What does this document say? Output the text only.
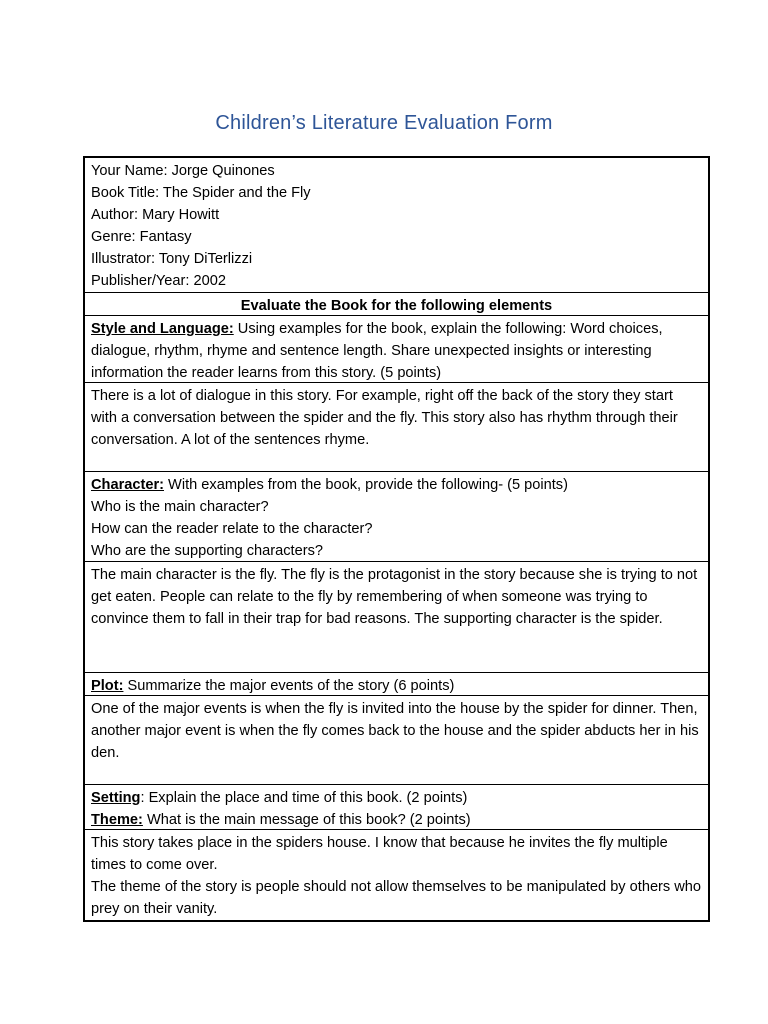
Children’s Literature Evaluation Form
Your Name: Jorge Quinones
Book Title: The Spider and the Fly
Author: Mary Howitt
Genre: Fantasy
Illustrator: Tony DiTerlizzi
Publisher/Year: 2002
Evaluate the Book for the following elements
Style and Language: Using examples for the book, explain the following: Word choices, dialogue, rhythm, rhyme and sentence length. Share unexpected insights or interesting information the reader learns from this story. (5 points)
There is a lot of dialogue in this story. For example, right off the back of the story they start with a conversation between the spider and the fly. This story also has rhythm through their conversation. A lot of the sentences rhyme.
Character: With examples from the book, provide the following- (5 points)
Who is the main character?
How can the reader relate to the character?
Who are the supporting characters?
The main character is the fly. The fly is the protagonist in the story because she is trying to not get eaten. People can relate to the fly by remembering of when someone was trying to convince them to fall in their trap for bad reasons. The supporting character is the spider.
Plot: Summarize the major events of the story (6 points)
One of the major events is when the fly is invited into the house by the spider for dinner. Then, another major event is when the fly comes back to the house and the spider abducts her in his den.
Setting: Explain the place and time of this book. (2 points)
Theme: What is the main message of this book? (2 points)
This story takes place in the spiders house. I know that because he invites the fly multiple times to come over.
The theme of the story is people should not allow themselves to be manipulated by others who prey on their vanity.
